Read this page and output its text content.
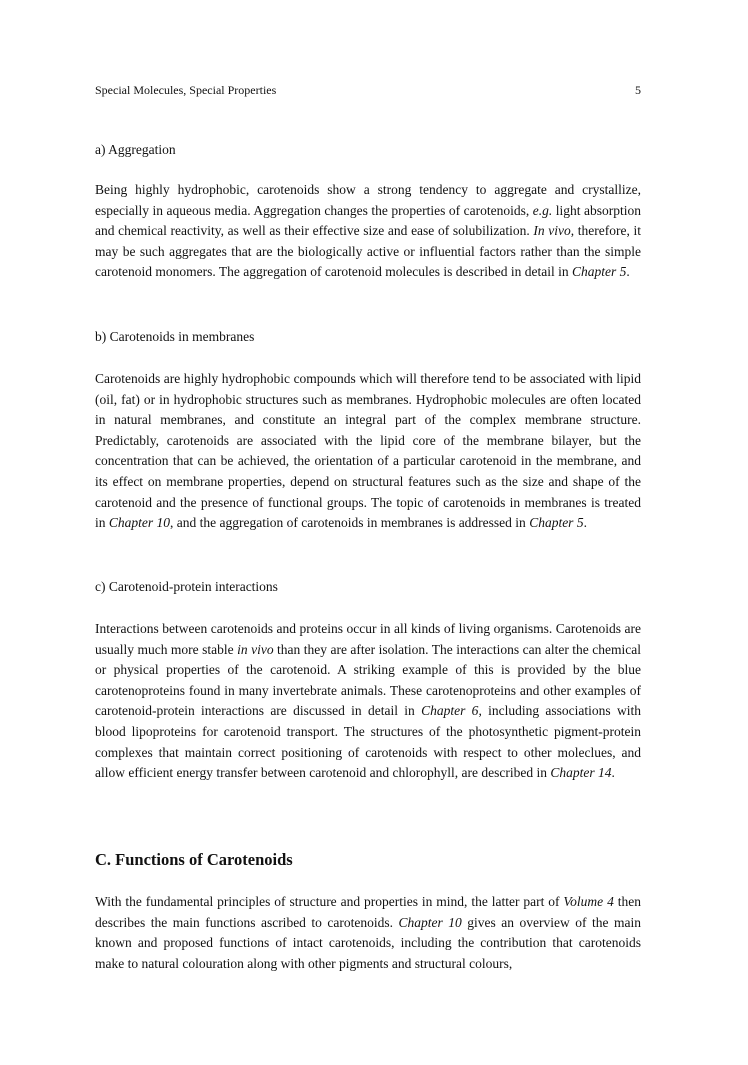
Special Molecules, Special Properties	5
a) Aggregation

Being highly hydrophobic, carotenoids show a strong tendency to aggregate and crystallize, especially in aqueous media. Aggregation changes the properties of carotenoids, e.g. light absorption and chemical reactivity, as well as their effective size and ease of solubilization. In vivo, therefore, it may be such aggregates that are the biologically active or influential factors rather than the simple carotenoid monomers. The aggregation of carotenoid molecules is described in detail in Chapter 5.

b) Carotenoids in membranes

Carotenoids are highly hydrophobic compounds which will therefore tend to be associated with lipid (oil, fat) or in hydrophobic structures such as membranes. Hydrophobic molecules are often located in natural membranes, and constitute an integral part of the complex membrane structure. Predictably, carotenoids are associated with the lipid core of the membrane bilayer, but the concentration that can be achieved, the orientation of a particular carotenoid in the membrane, and its effect on membrane properties, depend on structural features such as the size and shape of the carotenoid and the presence of functional groups. The topic of carotenoids in membranes is treated in Chapter 10, and the aggregation of carotenoids in membranes is addressed in Chapter 5.

c) Carotenoid-protein interactions

Interactions between carotenoids and proteins occur in all kinds of living organisms. Carotenoids are usually much more stable in vivo than they are after isolation. The interactions can alter the chemical or physical properties of the carotenoid. A striking example of this is provided by the blue carotenoproteins found in many invertebrate animals. These carotenoproteins and other examples of carotenoid-protein interactions are discussed in detail in Chapter 6, including associations with blood lipoproteins for carotenoid transport. The structures of the photosynthetic pigment-protein complexes that maintain correct positioning of carotenoids with respect to other moleclues, and allow efficient energy transfer between carotenoid and chlorophyll, are described in Chapter 14.

C. Functions of Carotenoids

With the fundamental principles of structure and properties in mind, the latter part of Volume 4 then describes the main functions ascribed to carotenoids. Chapter 10 gives an overview of the main known and proposed functions of intact carotenoids, including the contribution that carotenoids make to natural colouration along with other pigments and structural colours,
